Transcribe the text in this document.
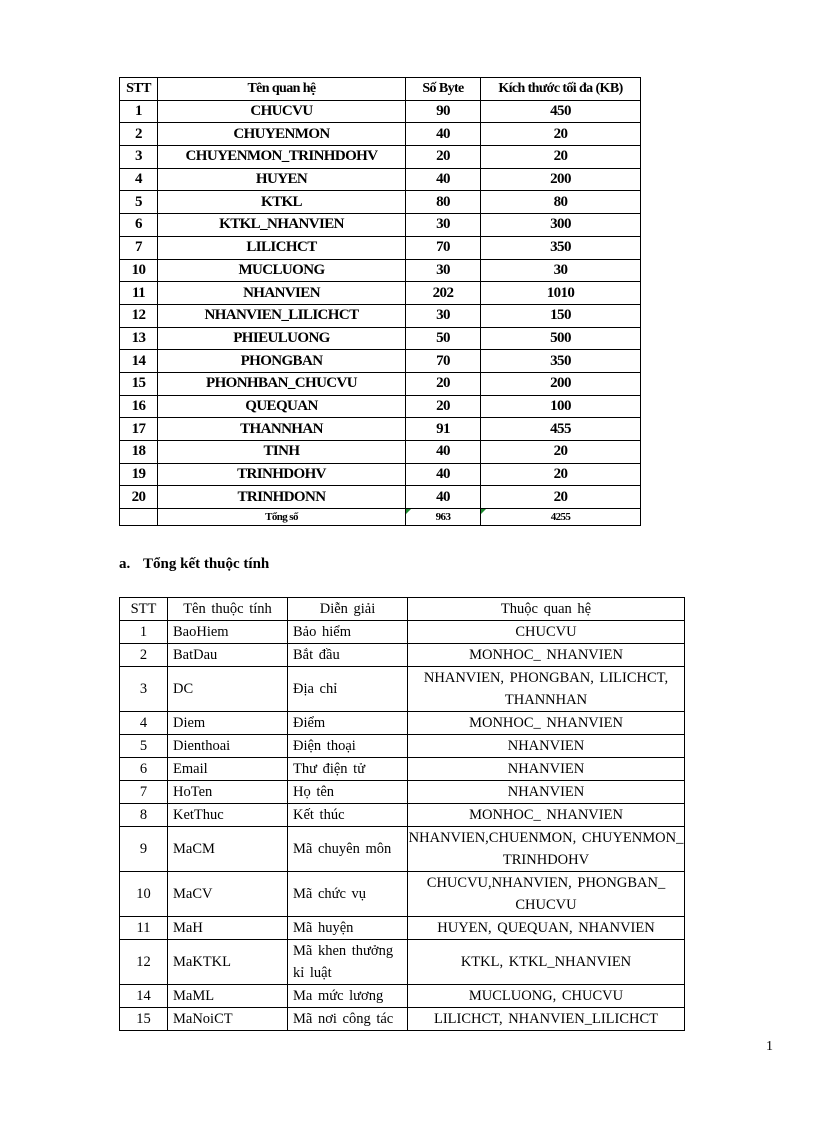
STT	Tên quan hệ	Số Byte	Kích thước tối đa (KB)
1	CHUCVU	90	450
2	CHUYENMON	40	20
3	CHUYENMON_TRINHDOHV	20	20
4	HUYEN	40	200
5	KTKL	80	80
6	KTKL_NHANVIEN	30	300
7	LILICHCT	70	350
10	MUCLUONG	30	30
11	NHANVIEN	202	1010
12	NHANVIEN_LILICHCT	30	150
13	PHIEULUONG	50	500
14	PHONGBAN	70	350
15	PHONHBAN_CHUCVU	20	200
16	QUEQUAN	20	100
17	THANNHAN	91	455
18	TINH	40	20
19	TRINHDOHV	40	20
20	TRINHDONN	40	20
	Tổng số	963	4255

a. Tổng kết thuộc tính

STT	Tên thuộc tính	Diễn giải	Thuộc quan hệ
1	BaoHiem	Bảo hiểm	CHUCVU
2	BatDau	Bắt đầu	MONHOC_ NHANVIEN
3	DC	Địa chỉ	NHANVIEN, PHONGBAN, LILICHCT, THANNHAN
4	Diem	Điểm	MONHOC_ NHANVIEN
5	Dienthoai	Điện thoại	NHANVIEN
6	Email	Thư điện tử	NHANVIEN
7	HoTen	Họ tên	NHANVIEN
8	KetThuc	Kết thúc	MONHOC_ NHANVIEN
9	MaCM	Mã chuyên môn	NHANVIEN,CHUENMON, CHUYENMON_ TRINHDOHV
10	MaCV	Mã chức vụ	CHUCVU,NHANVIEN, PHONGBAN_ CHUCVU
11	MaH	Mã huyện	HUYEN, QUEQUAN, NHANVIEN
12	MaKTKL	Mã khen thưởng kỉ luật	KTKL, KTKL_NHANVIEN
14	MaML	Ma mức lương	MUCLUONG, CHUCVU
15	MaNoiCT	Mã nơi công tác	LILICHCT, NHANVIEN_LILICHCT
1
